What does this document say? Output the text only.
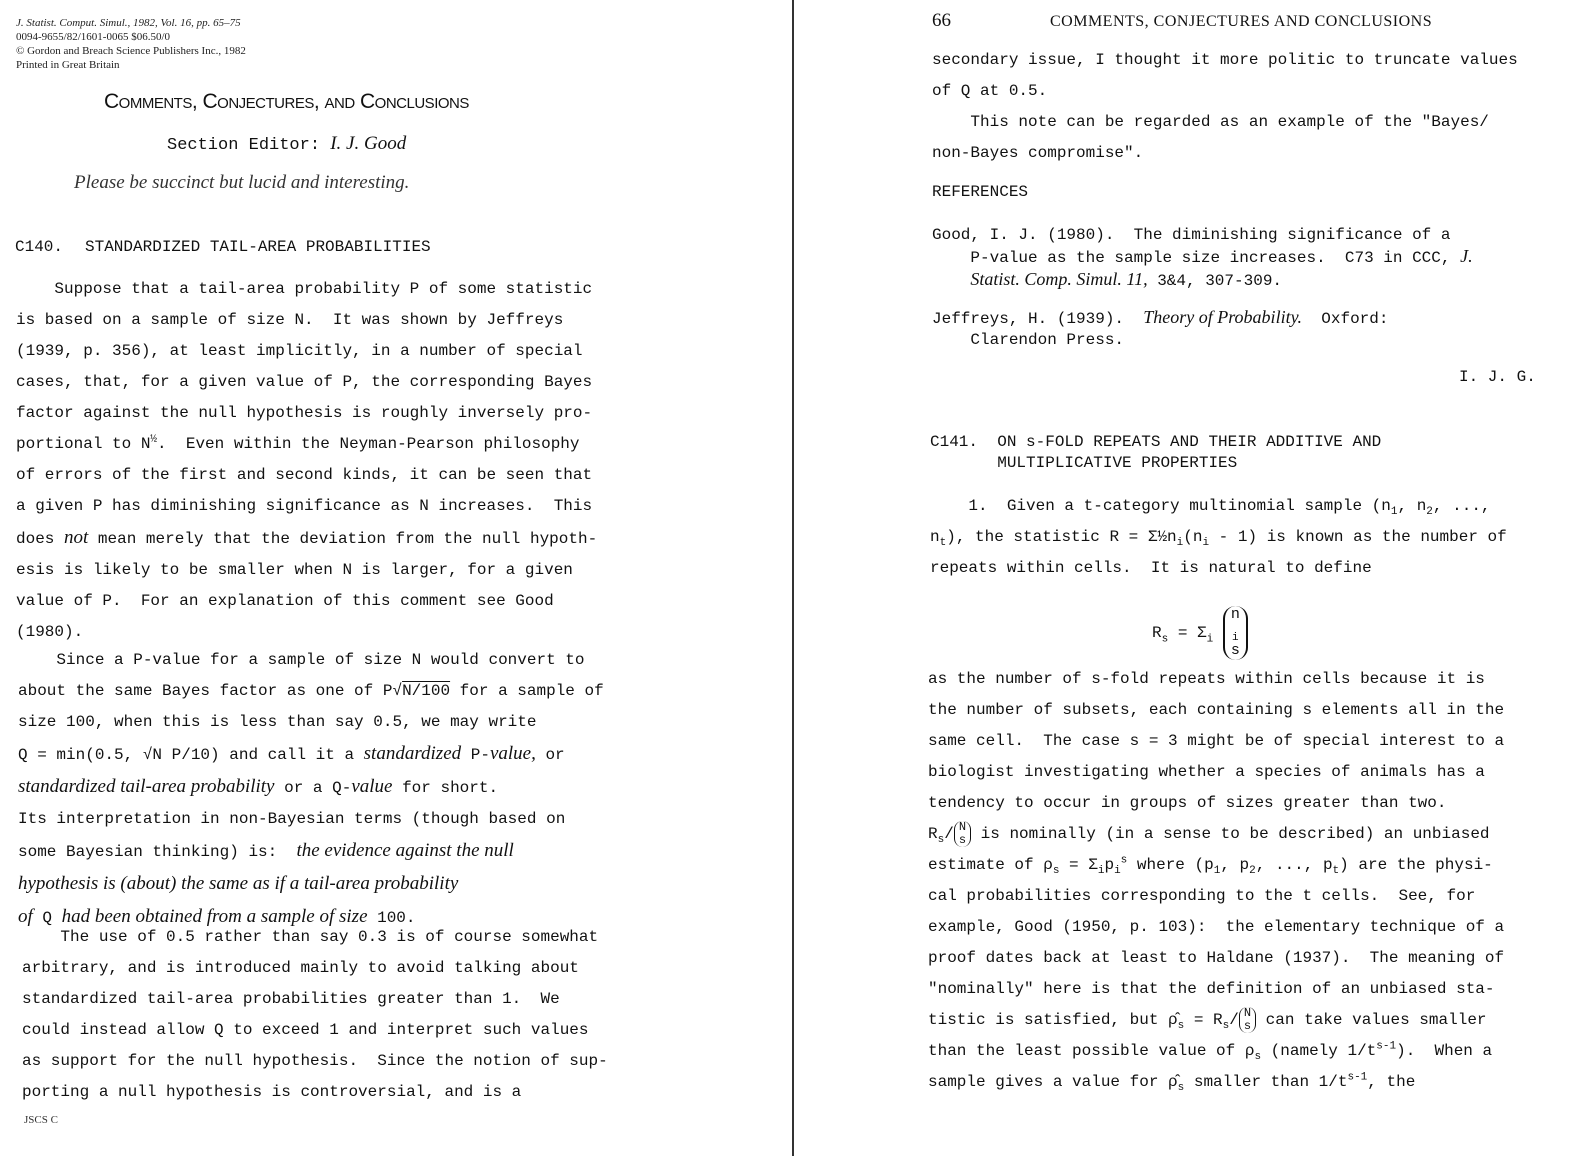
J. Statist. Comput. Simul., 1982, Vol. 16, pp. 65–75
0094-9655/82/1601-0065 $06.50/0
© Gordon and Breach Science Publishers Inc., 1982
Printed in Great Britain
Comments, Conjectures, and Conclusions
Section Editor: I. J. Good
Please be succinct but lucid and interesting.
C140. STANDARDIZED TAIL-AREA PROBABILITIES
Suppose that a tail-area probability P of some statistic
is based on a sample of size N.  It was shown by Jeffreys
(1939, p. 356), at least implicitly, in a number of special
cases, that, for a given value of P, the corresponding Bayes
factor against the null hypothesis is roughly inversely pro-
portional to $N^{\frac{1}{2}}$.  Even within the Neyman-Pearson philosophy
of errors of the first and second kinds, it can be seen that
a given P has diminishing significance as N increases.  This
does not mean merely that the deviation from the null hypoth-
esis is likely to be smaller when N is larger, for a given
value of P.  For an explanation of this comment see Good
(1980).
Since a P-value for a sample of size N would convert to
about the same Bayes factor as one of P√N/100 for a sample of
size 100, when this is less than say 0.5, we may write
Q = min(0.5, √N P/10) and call it a standardized P-value, or
standardized tail-area probability or a Q-value for short.
Its interpretation in non-Bayesian terms (though based on
some Bayesian thinking) is:  the evidence against the null
hypothesis is (about) the same as if a tail-area probability
of Q had been obtained from a sample of size 100.
The use of 0.5 rather than say 0.3 is of course somewhat
arbitrary, and is introduced mainly to avoid talking about
standardized tail-area probabilities greater than 1.  We
could instead allow Q to exceed 1 and interpret such values
as support for the null hypothesis.  Since the notion of sup-
porting a null hypothesis is controversial, and is a
JSCS C
66	COMMENTS, CONJECTURES AND CONCLUSIONS
secondary issue, I thought it more politic to truncate values
of Q at 0.5.
This note can be regarded as an example of the "Bayes/
non-Bayes compromise".
REFERENCES
Good, I. J. (1980).  The diminishing significance of a
P-value as the sample size increases.  C73 in CCC, J.
Statist. Comp. Simul. 11, 3&4, 307-309.
Jeffreys, H. (1939).  Theory of Probability.  Oxford:
Clarendon Press.
I. J. G.
C141. ON s-FOLD REPEATS AND THEIR ADDITIVE AND
MULTIPLICATIVE PROPERTIES
1.  Given a t-category multinomial sample ($n_1$, $n_2$, ...,
$n_t$), the statistic $R = \Sigma\frac{1}{2}n_i(n_i - 1)$ is known as the number of
repeats within cells.  It is natural to define
$R_s = \Sigma_i$
n
$_i$
s
as the number of s-fold repeats within cells because it is
the number of subsets, each containing s elements all in the
same cell.  The case s = 3 might be of special interest to a
biologist investigating whether a species of animals has a
tendency to occur in groups of sizes greater than two.
$R_s/$ N
s is nominally (in a sense to be described) an unbiased
estimate of $\rho_s = \Sigma_ip_i^s$ where ($p_1$, $p_2$, ..., $p_t$) are the physi-
cal probabilities corresponding to the t cells.  See, for
example, Good (1950, p. 103):  the elementary technique of a
proof dates back at least to Haldane (1937).  The meaning of
"nominally" here is that the definition of an unbiased sta-
tistic is satisfied, but $\rhô_s = R_s/$ N
s can take values smaller
than the least possible value of $\rho_s$ (namely $1/t^{s-1}$).  When a
sample gives a value for $\rhô_s$ smaller than $1/t^{s-1}$, the
